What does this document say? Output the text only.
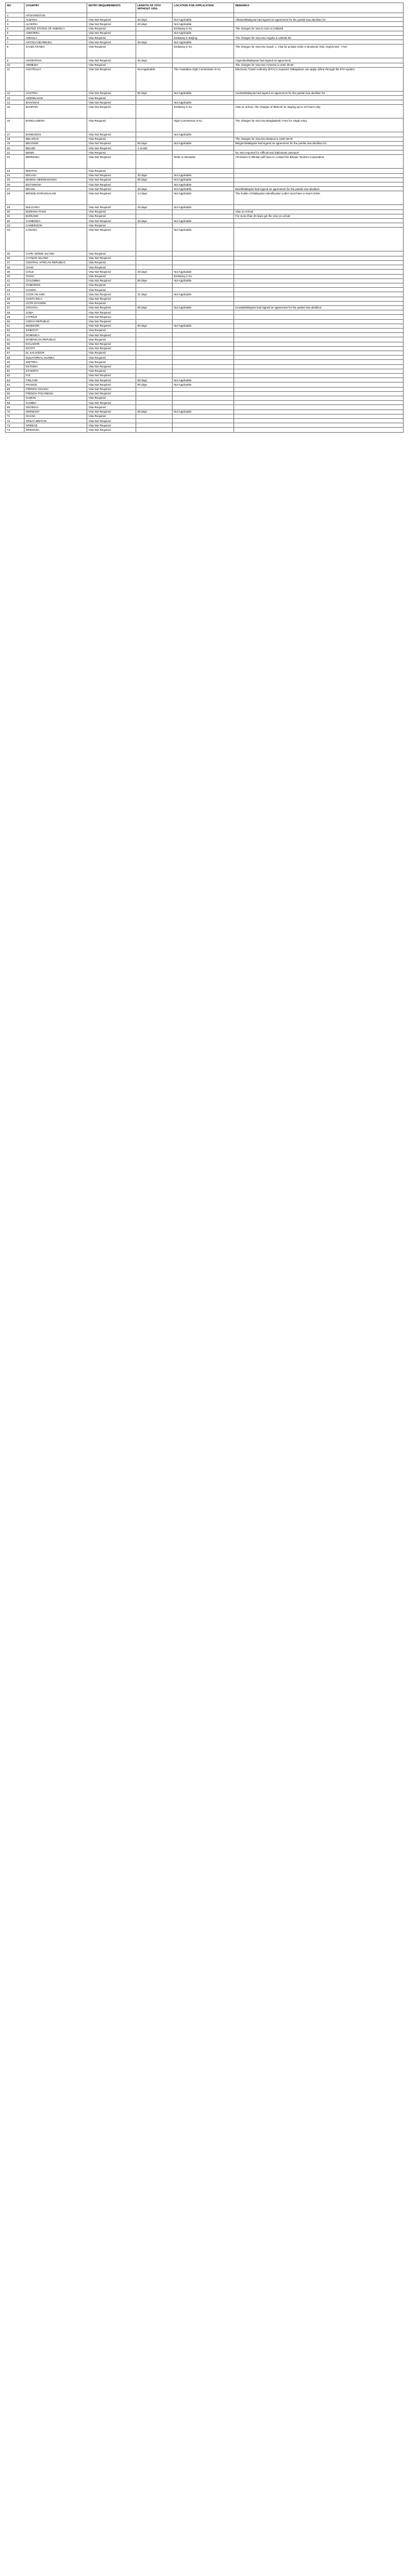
NO	COUNTRY	ENTRY REQUIREMENTS	LENGTH OF STAY WITHOUT VISA	LOCATION FOR APPLICATION	REMARKS
1	AFGHANISTAN				
2	ALBANIA	Visa Not Required	30 days	Not Applicable	Albania/Malaysia had signed an agreement for the partial visa abolition for
3	ALGERIA	Visa Not Required	30 days	Not Applicable	
4	UNITED STATES OF AMERICA	Visa Required		Embassy in KL	The charges for visa to USA is US$160
5	ANDORRA	Visa Not Required		Not Applicable	
6	ANGOLA	Visa Required		Embassy in Beijing	The charges for visa into Angola is USD30.00
7	ANTIGUA/BARBUDA	Visa Not Required	30 days	Not Applicable	
8	SAUDI ARABIA	Visa Required		Embassy in KL	The charges for visa into Saudi: 1. Visa for private visits or Business Visit, Haj/Umrah - Free
9	ARGENTINA	Visa Not Required	30 days		Argentina/Malaysia had signed an agreement
10	ARMENIA	Visa Required			The charges for visa into Armenia is USD 30.00
11	AUSTRALIA	Visa Not Required	Not Applicable	The Australian High Commission in KL	Electronic Travel Authority (ETA) is required. Malaysians can apply online through the ETA system.
12	AUSTRIA	Visa Not Required	90 days	Not Applicable	Austria/Malaysia had signed an agreement for the partial visa abolition for
13	AZERBAIJAN	Visa Required			
14	BAHAMAS	Visa Not Required		Not Applicable	
15	BAHRAIN	Visa Not Required		Embassy in KL	Visa on arrival. The charges of BD5.00 for staying up to 15 hours only.
16	BANGLADESH	Visa Required		High Commission in KL	The charges for visa into Bangladesh: Free for single entry.
17	BARBADOS	Visa Not Required		Not Applicable	
18	BELARUS	Visa Required			The charges for visa into Belarus is USD 60.00
19	BELGIUM	Visa Not Required	90 days	Not Applicable	Belgium/Malaysia had signed an agreement for the partial visa abolition for
20	BELIZE	Visa Not Required	1 month		
21	BENIN	Visa Required			No visa required for Official and Diplomatic passport
22	BERMUDA	Visa Not Required		Refer to Remarks	All visitors to Bhutan will have to contact the Bhutan Tourism Corporation.
23	BHUTAN	Visa Required			
24	BOLIVIA	Visa Not Required	30 days	Not Applicable	
25	BOSNIA HERZEGOVINA	Visa Not Required	90 days	Not Applicable	
26	BOTSWANA	Visa Not Required		Not Applicable	
27	BRAZIL	Visa Not Required	30 days	Not Applicable	Brazil/Malaysia had signed an agreement for the partial visa abolition
28	BRUNEI DARUSSALAM	Visa Not Required	14 days	Not Applicable	The holder of Malaysian Identification Letter must have a return ticket.
29	BULGARIA	Visa Not Required	30 days	Not Applicable	
30	BURKINA FASO	Visa Required			Visa on Arrival
31	BURUNDI	Visa Required			For more than 30 days get the visa on arrival
32	CAMBODIA	Visa Not Required	30 days	Not Applicable	
33	CAMEROON	Visa Required			
34	CANADA	Visa Not Required		Not Applicable	
35	CAPE VERDE ISLAND	Visa Required			
36	CAYMAN ISLAND	Visa Not Required			
37	CENTRAL AFRICAN REPUBLIC	Visa Required			
38	CHAD	Visa Required			
39	CHILE	Visa Not Required	30 days	Not Applicable	
40	CHINA	Visa Required		Embassy in KL	
41	COLOMBIA	Visa Not Required	90 days	Not Applicable	
42	COMOROS	Visa Required			
43	CONGO	Visa Required			
44	COOK ISLAND	Visa Not Required	31 days	Not Applicable	
45	COSTA RICA	Visa Not Required			
46	COTE D'IVOIRE	Visa Required			
47	CROATIA	Visa Not Required	90 days	Not Applicable	Croatia/Malaysia had signed an agreement for the partial visa abolition
48	CUBA	Visa Not Required			
49	CYPRUS	Visa Not Required			
50	CZECH REPUBLIC	Visa Not Required			
51	DENMARK	Visa Not Required	90 days	Not Applicable	
52	DJIBOUTI	Visa Required			
53	DOMINICA	Visa Not Required			
54	DOMINICAN REPUBLIC	Visa Required			
55	ECUADOR	Visa Not Required			
56	EGYPT	Visa Not Required			
57	EL SALVADOR	Visa Required			
58	EQUATORIAL GUINEA	Visa Required			
59	ERITREA	Visa Required			
60	ESTONIA	Visa Not Required			
61	ETHIOPIA	Visa Required			
62	FIJI	Visa Not Required			
63	FINLAND	Visa Not Required	90 days	Not Applicable	
64	FRANCE	Visa Not Required	90 days	Not Applicable	
65	FRENCH GUIANA	Visa Not Required			
66	FRENCH POLYNESIA	Visa Not Required			
67	GABON	Visa Required			
68	GAMBIA	Visa Not Required			
69	GEORGIA	Visa Required			
70	GERMANY	Visa Not Required	90 days	Not Applicable	
71	GHANA	Visa Required			
72	GREAT BRITAIN	Visa Not Required			
73	GREECE	Visa Not Required			
74	GRENADA	Visa Not Required			
